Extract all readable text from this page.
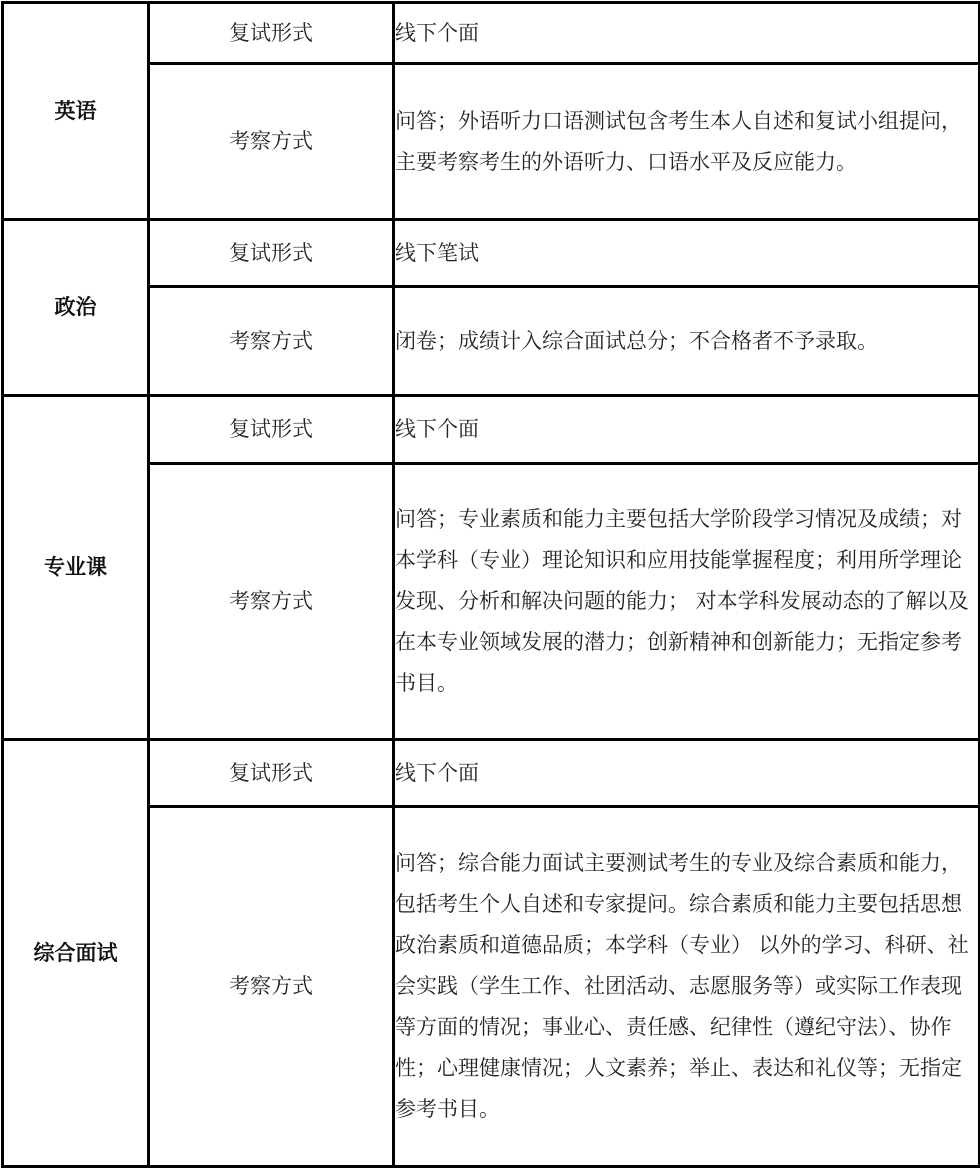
英语	复试形式	线下个面
	考察方式	问答；外语听力口语测试包含考生本人自述和复试小组提问，主要考察考生的外语听力、口语水平及反应能力。
政治	复试形式	线下笔试
	考察方式	闭卷；成绩计入综合面试总分；不合格者不予录取。
专业课	复试形式	线下个面
	考察方式	问答；专业素质和能力主要包括大学阶段学习情况及成绩；对本学科（专业）理论知识和应用技能掌握程度；利用所学理论发现、分析和解决问题的能力； 对本学科发展动态的了解以及在本专业领域发展的潜力；创新精神和创新能力；无指定参考书目。
综合面试	复试形式	线下个面
	考察方式	问答；综合能力面试主要测试考生的专业及综合素质和能力，包括考生个人自述和专家提问。综合素质和能力主要包括思想政治素质和道德品质；本学科（专业） 以外的学习、科研、社会实践（学生工作、社团活动、志愿服务等）或实际工作表现等方面的情况；事业心、责任感、纪律性（遵纪守法）、协作性；心理健康情况；人文素养；举止、表达和礼仪等；无指定参考书目。
